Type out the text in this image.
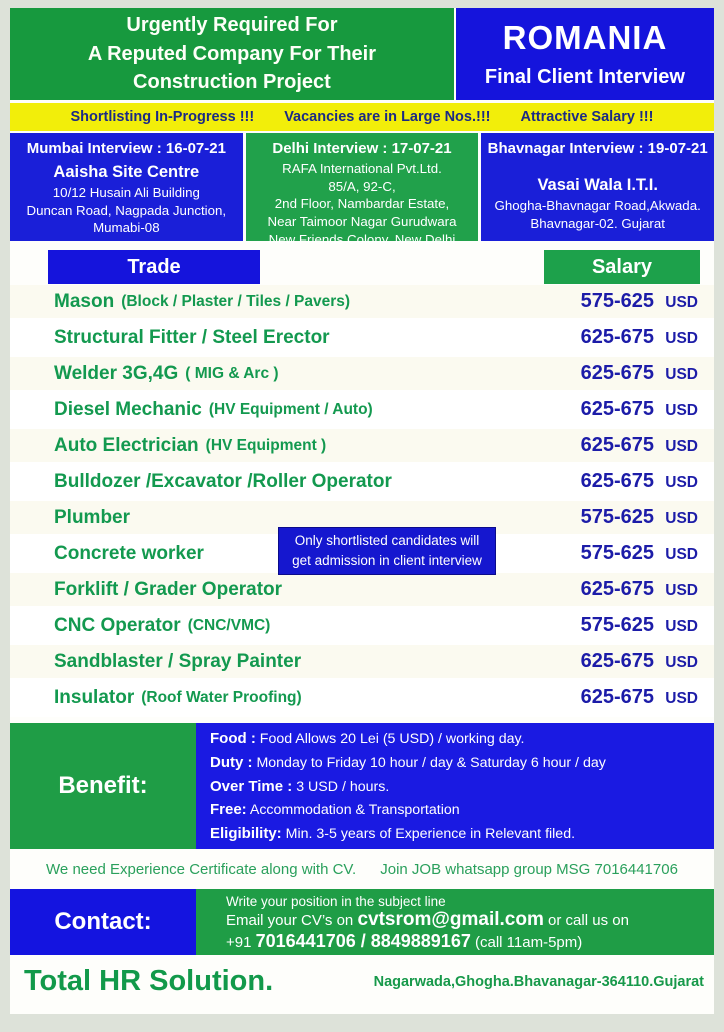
Urgently Required For
A Reputed Company For Their
Construction Project
ROMANIA
Final Client Interview
Shortlisting In-Progress !!! Vacancies are in Large Nos.!!! Attractive Salary !!!
Mumbai Interview : 16-07-21
Aaisha Site Centre
10/12 Husain Ali Building
Duncan Road, Nagpada Junction,
Mumabi-08
Delhi Interview : 17-07-21
RAFA International Pvt.Ltd.
85/A, 92-C,
2nd Floor, Nambardar Estate,
Near Taimoor Nagar Gurudwara
New Friends Colony, New Delhi
Bhavnagar Interview : 19-07-21
Vasai Wala I.T.I.
Ghogha-Bhavnagar Road,Akwada.
Bhavnagar-02. Gujarat
Trade	Salary
Mason (Block / Plaster / Tiles / Pavers)	575-625 USD
Structural Fitter / Steel Erector	625-675 USD
Welder 3G,4G ( MIG & Arc )	625-675 USD
Diesel Mechanic (HV Equipment / Auto)	625-675 USD
Auto Electrician (HV Equipment )	625-675 USD
Bulldozer /Excavator /Roller Operator	625-675 USD
Plumber	575-625 USD
Concrete worker	575-625 USD
Forklift / Grader Operator	625-675 USD
CNC Operator (CNC/VMC)	575-625 USD
Sandblaster / Spray Painter	625-675 USD
Insulator (Roof Water Proofing)	625-675 USD
Only shortlisted candidates will
get admission in client interview
Benefit:
Food : Food Allows 20 Lei (5 USD) / working day.
Duty : Monday to Friday 10 hour / day & Saturday 6 hour / day
Over Time : 3 USD / hours.
Free: Accommodation & Transportation
Eligibility: Min. 3-5 years of Experience in Relevant filed.
We need Experience Certificate along with CV. Join JOB whatsapp group MSG 7016441706
Contact:
Write your position in the subject line
Email your CV’s on cvtsrom@gmail.com or call us on
+91 7016441706 / 8849889167 (call 11am-5pm)
Total HR Solution.	Nagarwada,Ghogha.Bhavanagar-364110.Gujarat
